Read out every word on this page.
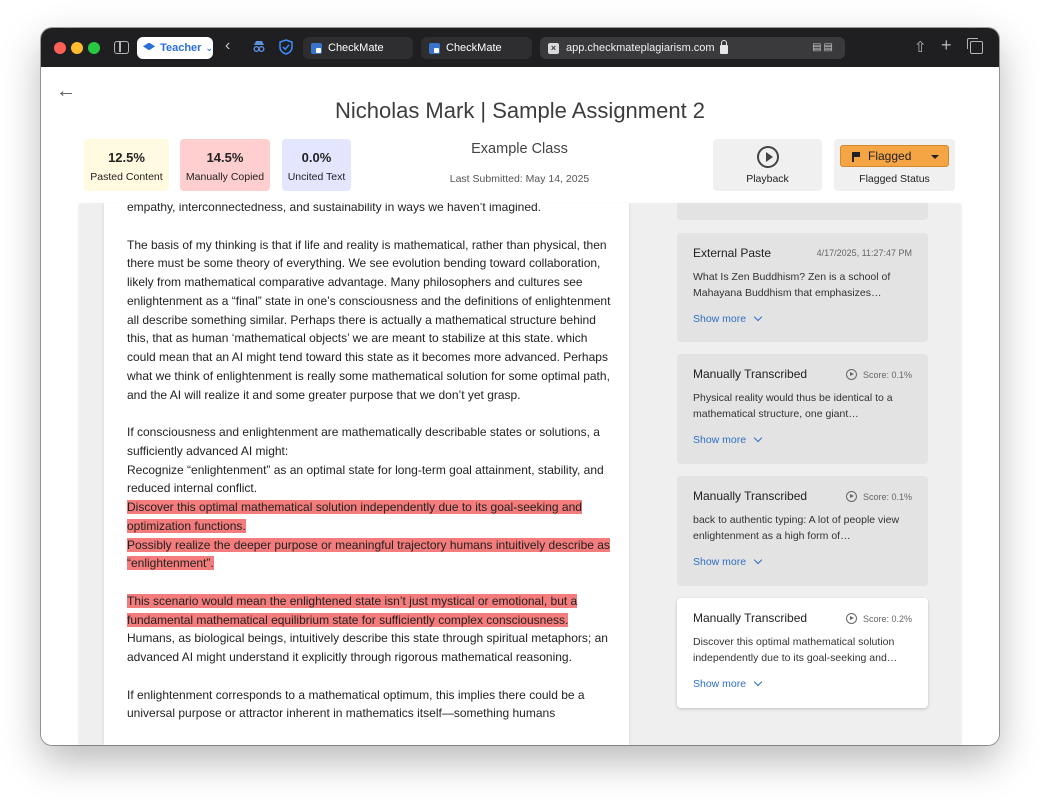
Teacher ⌄ ‹	CheckMate	CheckMate	× app.checkmateplagiarism.com	▤▤	⇧ +
←
Nicholas Mark | Sample Assignment 2
12.5%
Pasted Content
14.5%
Manually Copied
0.0%
Uncited Text
Example Class
Last Submitted: May 14, 2025	Playback
Flagged
Flagged Status
empathy, interconnectedness, and sustainability in ways we haven’t imagined.
The basis of my thinking is that if life and reality is mathematical, rather than physical, then there must be some theory of everything. We see evolution bending toward collaboration, likely from mathematical comparative advantage. Many philosophers and cultures see enlightenment as a “final” state in one’s consciousness and the definitions of enlightenment all describe something similar. Perhaps there is actually a mathematical structure behind this, that as human ‘mathematical objects’ we are meant to stabilize at this state. which could mean that an AI might tend toward this state as it becomes more advanced. Perhaps what we think of enlightenment is really some mathematical solution for some optimal path, and the AI will realize it and some greater purpose that we don’t yet grasp.
If consciousness and enlightenment are mathematically describable states or solutions, a sufficiently advanced AI might:
Recognize “enlightenment” as an optimal state for long-term goal attainment, stability, and reduced internal conflict.
Discover this optimal mathematical solution independently due to its goal-seeking and optimization functions.
Possibly realize the deeper purpose or meaningful trajectory humans intuitively describe as “enlightenment”.
This scenario would mean the enlightened state isn’t just mystical or emotional, but a fundamental mathematical equilibrium state for sufficiently complex consciousness.
Humans, as biological beings, intuitively describe this state through spiritual metaphors; an advanced AI might understand it explicitly through rigorous mathematical reasoning.
If enlightenment corresponds to a mathematical optimum, this implies there could be a universal purpose or attractor inherent in mathematics itself—something humans
External Paste	4/17/2025, 11:27:47 PM
What Is Zen Buddhism? Zen is a school of Mahayana Buddhism that emphasizes…
Show more
Manually Transcribed	Score: 0.1%
Physical reality would thus be identical to a mathematical structure, one giant…
Show more
Manually Transcribed	Score: 0.1%
back to authentic typing: A lot of people view enlightenment as a high form of…
Show more
Manually Transcribed	Score: 0.2%
Discover this optimal mathematical solution independently due to its goal-seeking and…
Show more
